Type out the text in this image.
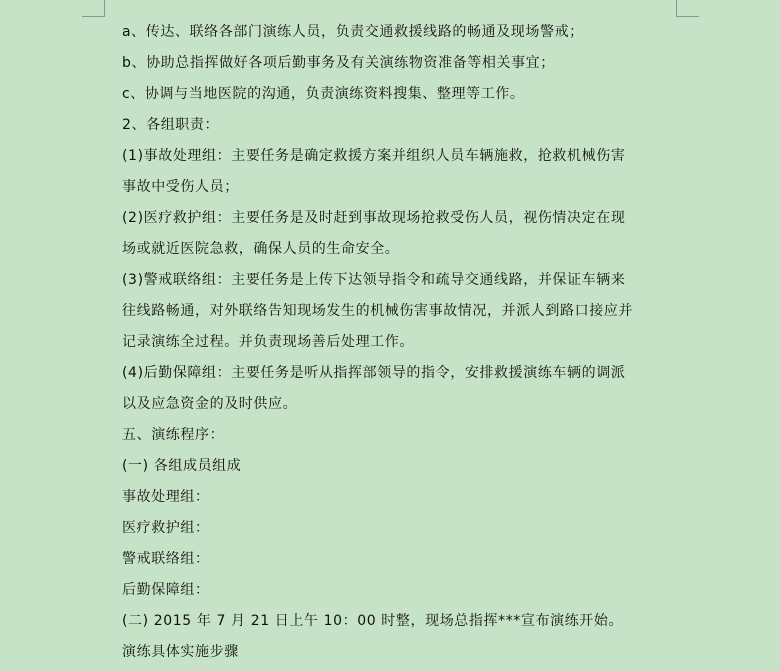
a、传达、联络各部门演练人员，负责交通救援线路的畅通及现场警戒；
b、协助总指挥做好各项后勤事务及有关演练物资准备等相关事宜；
c、协调与当地医院的沟通，负责演练资料搜集、整理等工作。
2、各组职责：
(1)事故处理组：主要任务是确定救援方案并组织人员车辆施救，抢救机械伤害
事故中受伤人员；
(2)医疗救护组：主要任务是及时赶到事故现场抢救受伤人员，视伤情决定在现
场或就近医院急救，确保人员的生命安全。
(3)警戒联络组：主要任务是上传下达领导指令和疏导交通线路，并保证车辆来
往线路畅通，对外联络告知现场发生的机械伤害事故情况，并派人到路口接应并
记录演练全过程。并负责现场善后处理工作。
(4)后勤保障组：主要任务是听从指挥部领导的指令，安排救援演练车辆的调派
以及应急资金的及时供应。
五、演练程序：
(一) 各组成员组成
事故处理组：
医疗救护组：
警戒联络组：
后勤保障组：
(二) 2015 年 7 月 21 日上午 10：00 时整，现场总指挥***宣布演练开始。
演练具体实施步骤
